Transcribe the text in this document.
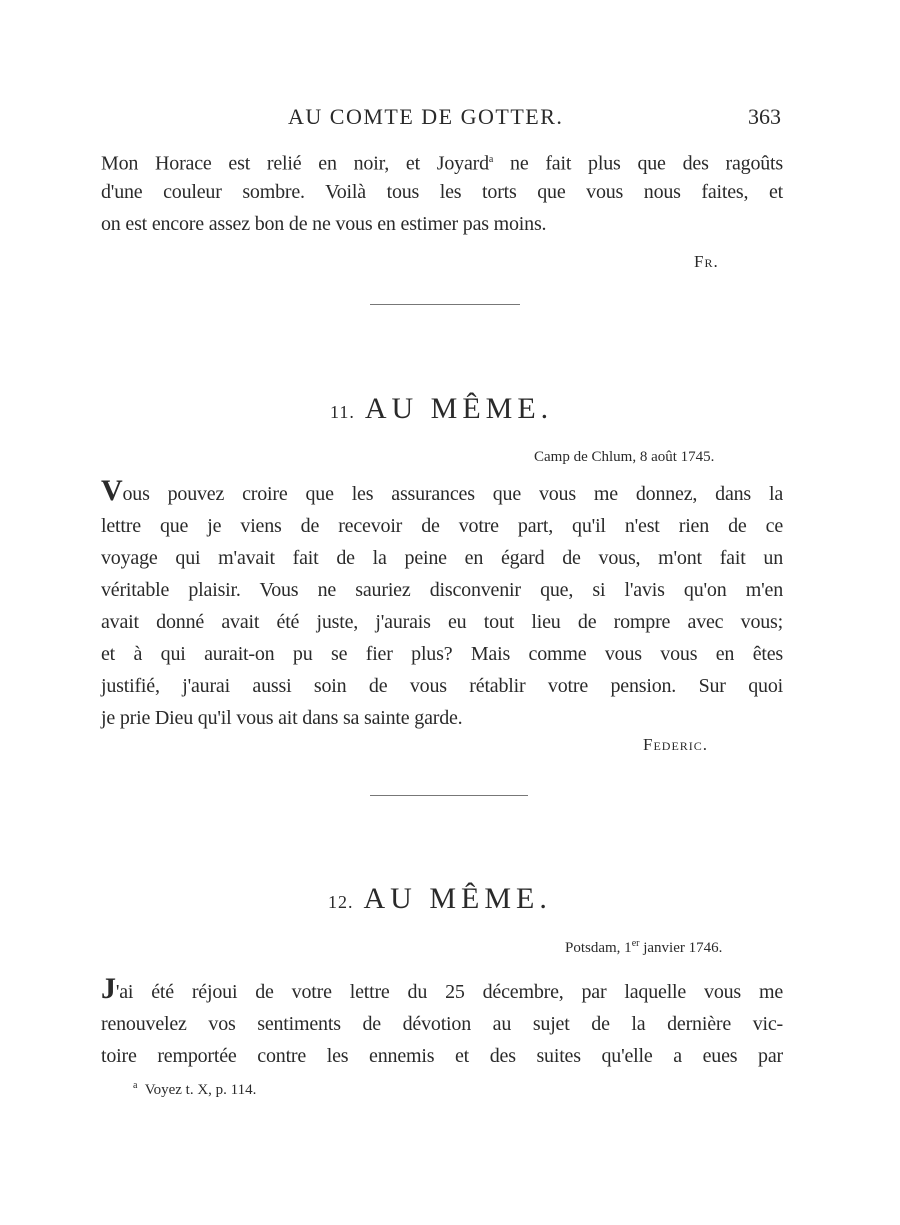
AU COMTE DE GOTTER.	363
Mon Horace est relié en noir, et Joyard$^a$ ne fait plus que des ragoûts
d'une couleur sombre. Voilà tous les torts que vous nous faites, et
on est encore assez bon de ne vous en estimer pas moins.
Fr.
11. AU MÊME.
Camp de Chlum, 8 août 1745.
Vous pouvez croire que les assurances que vous me donnez, dans la
lettre que je viens de recevoir de votre part, qu'il n'est rien de ce
voyage qui m'avait fait de la peine en égard de vous, m'ont fait un
véritable plaisir. Vous ne sauriez disconvenir que, si l'avis qu'on m'en
avait donné avait été juste, j'aurais eu tout lieu de rompre avec vous;
et à qui aurait-on pu se fier plus? Mais comme vous vous en êtes
justifié, j'aurai aussi soin de vous rétablir votre pension. Sur quoi
je prie Dieu qu'il vous ait dans sa sainte garde.
Federic.
12. AU MÊME.
Potsdam, 1er janvier 1746.
J'ai été réjoui de votre lettre du 25 décembre, par laquelle vous me
renouvelez vos sentiments de dévotion au sujet de la dernière vic-
toire remportée contre les ennemis et des suites qu'elle a eues par
$^a$ Voyez t. X, p. 114.
